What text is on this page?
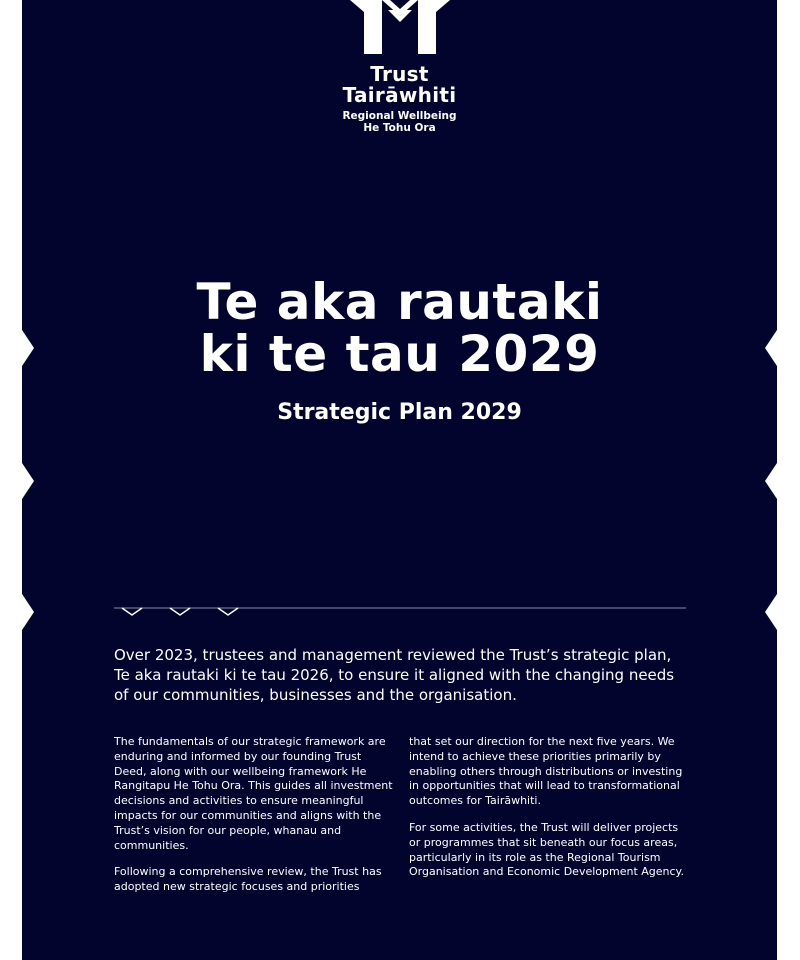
Trust
Tairāwhiti
Regional Wellbeing
He Tohu Ora
Te aka rautaki
ki te tau 2029
Strategic Plan 2029
Over 2023, trustees and management reviewed the Trust’s strategic plan, Te aka rautaki ki te tau 2026, to ensure it aligned with the changing needs of our communities, businesses and the organisation.

The fundamentals of our strategic framework are enduring and informed by our founding Trust Deed, along with our wellbeing framework He Rangitapu He Tohu Ora. This guides all investment decisions and activities to ensure meaningful impacts for our communities and aligns with the Trust’s vision for our people, whanau and communities.

Following a comprehensive review, the Trust has adopted new strategic focuses and priorities

that set our direction for the next five years. We intend to achieve these priorities primarily by enabling others through distributions or investing in opportunities that will lead to transformational outcomes for Tairāwhiti.

For some activities, the Trust will deliver projects or programmes that sit beneath our focus areas, particularly in its role as the Regional Tourism Organisation and Economic Development Agency.
